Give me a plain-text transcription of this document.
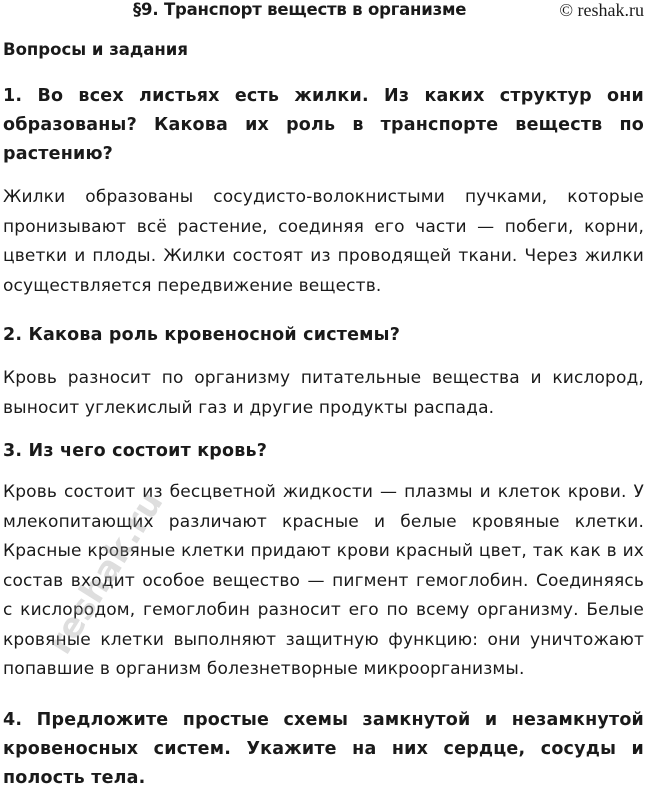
§9. Транспорт веществ в организме	© reshak.ru
Вопросы и задания
1. Во всех листьях есть жилки. Из каких структур они образованы? Какова их роль в транспорте веществ по растению?
Жилки образованы сосудисто-волокнистыми пучками, которые пронизывают всё растение, соединяя его части — побеги, корни, цветки и плоды. Жилки состоят из проводящей ткани. Через жилки осуществляется передвижение веществ.
2. Какова роль кровеносной системы?
Кровь разносит по организму питательные вещества и кислород, выносит углекислый газ и другие продукты распада.
3. Из чего состоит кровь?
Кровь состоит из бесцветной жидкости — плазмы и клеток крови. У млекопитающих различают красные и белые кровяные клетки. Красные кровяные клетки придают крови красный цвет, так как в их состав входит особое вещество — пигмент гемоглобин. Соединяясь с кислородом, гемоглобин разносит его по всему организму. Белые кровяные клетки выполняют защитную функцию: они уничтожают попавшие в организм болезнетворные микроорганизмы.
4. Предложите простые схемы замкнутой и незамкнутой кровеносных систем. Укажите на них сердце, сосуды и полость тела.
reshak.ru
